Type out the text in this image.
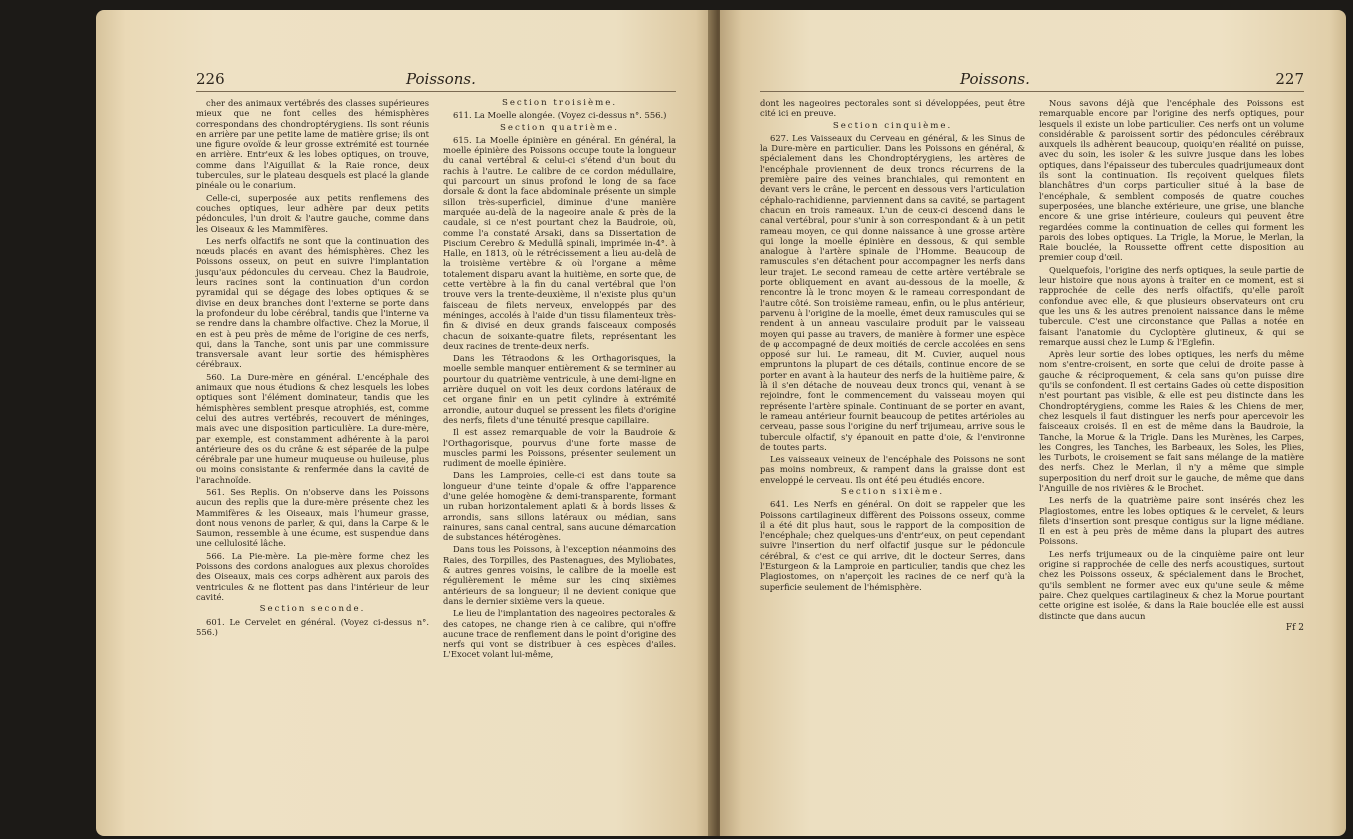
226	Poissons.

cher des animaux vertébrés des classes supérieures mieux que ne font celles des hémisphères correspondans des chondroptérygiens. Ils sont réunis en arrière par une petite lame de matière grise; ils ont une figure ovoïde & leur grosse extrémité est tournée en arrière. Entr'eux & les lobes optiques, on trouve, comme dans l'Aiguillat & la Raie ronce, deux tubercules, sur le plateau desquels est placé la glande pinéale ou le conarium.

Celle-ci, superposée aux petits renflemens des couches optiques, leur adhère par deux petits pédoncules, l'un droit & l'autre gauche, comme dans les Oiseaux & les Mammifères.

Les nerfs olfactifs ne sont que la continuation des nœuds placés en avant des hémisphères. Chez les Poissons osseux, on peut en suivre l'implantation jusqu'aux pédoncules du cerveau. Chez la Baudroie, leurs racines sont la continuation d'un cordon pyramidal qui se dégage des lobes optiques & se divise en deux branches dont l'externe se porte dans la profondeur du lobe cérébral, tandis que l'interne va se rendre dans la chambre olfactive. Chez la Morue, il en est à peu près de même de l'origine de ces nerfs, qui, dans la Tanche, sont unis par une commissure transversale avant leur sortie des hémisphères cérébraux.

560. La Dure-mère en général. L'encéphale des animaux que nous étudions & chez lesquels les lobes optiques sont l'élément dominateur, tandis que les hémisphères semblent presque atrophiés, est, comme celui des autres vertébrés, recouvert de méninges, mais avec une disposition particulière. La dure-mère, par exemple, est constamment adhérente à la paroi antérieure des os du crâne & est séparée de la pulpe cérébrale par une humeur muqueuse ou huileuse, plus ou moins consistante & renfermée dans la cavité de l'arachnoïde.

561. Ses Replis. On n'observe dans les Poissons aucun des replis que la dure-mère présente chez les Mammifères & les Oiseaux, mais l'humeur grasse, dont nous venons de parler, & qui, dans la Carpe & le Saumon, ressemble à une écume, est suspendue dans une cellulosité lâche.

566. La Pie-mère. La pie-mère forme chez les Poissons des cordons analogues aux plexus choroïdes des Oiseaux, mais ces corps adhèrent aux parois des ventricules & ne flottent pas dans l'intérieur de leur cavité.

Section seconde.

601. Le Cervelet en général. (Voyez ci-dessus n°. 556.)

Section troisième.

611. La Moelle alongée. (Voyez ci-dessus n°. 556.)

Section quatrième.

615. La Moelle épinière en général. En général, la moelle épinière des Poissons occupe toute la longueur du canal vertébral & celui-ci s'étend d'un bout du rachis à l'autre. Le calibre de ce cordon médullaire, qui parcourt un sinus profond le long de sa face dorsale & dont la face abdominale présente un simple sillon très-superficiel, diminue d'une manière marquée au-delà de la nageoire anale & près de la caudale, si ce n'est pourtant chez la Baudroie, où, comme l'a constaté Arsaki, dans sa Dissertation de Piscium Cerebro & Medullâ spinali, imprimée in-4°. à Halle, en 1813, où le rétrécissement a lieu au-delà de la troisième vertèbre & où l'organe a même totalement disparu avant la huitième, en sorte que, de cette vertèbre à la fin du canal vertébral que l'on trouve vers la trente-deuxième, il n'existe plus qu'un faisceau de filets nerveux, enveloppés par des méninges, accolés à l'aide d'un tissu filamenteux très-fin & divisé en deux grands faisceaux composés chacun de soixante-quatre filets, représentant les deux racines de trente-deux nerfs.

Dans les Tétraodons & les Orthagorisques, la moelle semble manquer entièrement & se terminer au pourtour du quatrième ventricule, à une demi-ligne en arrière duquel on voit les deux cordons latéraux de cet organe finir en un petit cylindre à extrémité arrondie, autour duquel se pressent les filets d'origine des nerfs, filets d'une ténuité presque capillaire.

Il est assez remarquable de voir la Baudroie & l'Orthagorisque, pourvus d'une forte masse de muscles parmi les Poissons, présenter seulement un rudiment de moelle épinière.

Dans les Lamproies, celle-ci est dans toute sa longueur d'une teinte d'opale & offre l'apparence d'une gelée homogène & demi-transparente, formant un ruban horizontalement aplati & à bords lisses & arrondis, sans sillons latéraux ou médian, sans rainures, sans canal central, sans aucune démarcation de substances hétérogènes.

Dans tous les Poissons, à l'exception néanmoins des Raies, des Torpilles, des Pastenagues, des Myliobates, & autres genres voisins, le calibre de la moelle est régulièrement le même sur les cinq sixièmes antérieurs de sa longueur; il ne devient conique que dans le dernier sixième vers la queue.

Le lieu de l'implantation des nageoires pectorales & des catopes, ne change rien à ce calibre, qui n'offre aucune trace de renflement dans le point d'origine des nerfs qui vont se distribuer à ces espèces d'ailes. L'Exocet volant lui-même,

Poissons.	227

dont les nageoires pectorales sont si développées, peut être cité ici en preuve.

Section cinquième.

627. Les Vaisseaux du Cerveau en général, & les Sinus de la Dure-mère en particulier. Dans les Poissons en général, & spécialement dans les Chondroptérygiens, les artères de l'encéphale proviennent de deux troncs récurrens de la première paire des veines branchiales, qui remontent en devant vers le crâne, le percent en dessous vers l'articulation céphalo-rachidienne, parviennent dans sa cavité, se partagent chacun en trois rameaux. L'un de ceux-ci descend dans le canal vertébral, pour s'unir à son correspondant & à un petit rameau moyen, ce qui donne naissance à une grosse artère qui longe la moelle épinière en dessous, & qui semble analogue à l'artère spinale de l'Homme. Beaucoup de ramuscules s'en détachent pour accompagner les nerfs dans leur trajet. Le second rameau de cette artère vertébrale se porte obliquement en avant au-dessous de la moelle, & rencontre là le tronc moyen & le rameau correspondant de l'autre côté. Son troisième rameau, enfin, ou le plus antérieur, parvenu à l'origine de la moelle, émet deux ramuscules qui se rendent à un anneau vasculaire produit par le vaisseau moyen qui passe au travers, de manière à former une espèce de φ accompagné de deux moitiés de cercle accolées en sens opposé sur lui. Le rameau, dit M. Cuvier, auquel nous empruntons la plupart de ces détails, continue encore de se porter en avant à la hauteur des nerfs de la huitième paire, & là il s'en détache de nouveau deux troncs qui, venant à se rejoindre, font le commencement du vaisseau moyen qui représente l'artère spinale. Continuant de se porter en avant, le rameau antérieur fournit beaucoup de petites artérioles au cerveau, passe sous l'origine du nerf trijumeau, arrive sous le tubercule olfactif, s'y épanouit en patte d'oie, & l'environne de toutes parts.

Les vaisseaux veineux de l'encéphale des Poissons ne sont pas moins nombreux, & rampent dans la graisse dont est enveloppé le cerveau. Ils ont été peu étudiés encore.

Section sixième.

641. Les Nerfs en général. On doit se rappeler que les Poissons cartilagineux diffèrent des Poissons osseux, comme il a été dit plus haut, sous le rapport de la composition de l'encéphale; chez quelques-uns d'entr'eux, on peut cependant suivre l'insertion du nerf olfactif jusque sur le pédoncule cérébral, & c'est ce qui arrive, dit le docteur Serres, dans l'Esturgeon & la Lamproie en particulier, tandis que chez les Plagiostomes, on n'aperçoit les racines de ce nerf qu'à la superficie seulement de l'hémisphère.

Nous savons déjà que l'encéphale des Poissons est remarquable encore par l'origine des nerfs optiques, pour lesquels il existe un lobe particulier. Ces nerfs ont un volume considérable & paroissent sortir des pédoncules cérébraux auxquels ils adhèrent beaucoup, quoiqu'en réalité on puisse, avec du soin, les isoler & les suivre jusque dans les lobes optiques, dans l'épaisseur des tubercules quadrijumeaux dont ils sont la continuation. Ils reçoivent quelques filets blanchâtres d'un corps particulier situé à la base de l'encéphale, & semblent composés de quatre couches superposées, une blanche extérieure, une grise, une blanche encore & une grise intérieure, couleurs qui peuvent être regardées comme la continuation de celles qui forment les parois des lobes optiques. La Trigle, la Morue, le Merlan, la Raie bouclée, la Roussette offrent cette disposition au premier coup d'œil.

Quelquefois, l'origine des nerfs optiques, la seule partie de leur histoire que nous ayons à traiter en ce moment, est si rapprochée de celle des nerfs olfactifs, qu'elle paroît confondue avec elle, & que plusieurs observateurs ont cru que les uns & les autres prenoient naissance dans le même tubercule. C'est une circonstance que Pallas a notée en faisant l'anatomie du Cycloptère glutineux, & qui se remarque aussi chez le Lump & l'Eglefin.

Après leur sortie des lobes optiques, les nerfs du même nom s'entre-croisent, en sorte que celui de droite passe à gauche & réciproquement, & cela sans qu'on puisse dire qu'ils se confondent. Il est certains Gades où cette disposition n'est pourtant pas visible, & elle est peu distincte dans les Chondroptérygiens, comme les Raies & les Chiens de mer, chez lesquels il faut distinguer les nerfs pour apercevoir les faisceaux croisés. Il en est de même dans la Baudroie, la Tanche, la Morue & la Trigle. Dans les Murènes, les Carpes, les Congres, les Tanches, les Barbeaux, les Soles, les Plies, les Turbots, le croisement se fait sans mélange de la matière des nerfs. Chez le Merlan, il n'y a même que simple superposition du nerf droit sur le gauche, de même que dans l'Anguille de nos rivières & le Brochet.

Les nerfs de la quatrième paire sont insérés chez les Plagiostomes, entre les lobes optiques & le cervelet, & leurs filets d'insertion sont presque contigus sur la ligne médiane. Il en est à peu près de même dans la plupart des autres Poissons.

Les nerfs trijumeaux ou de la cinquième paire ont leur origine si rapprochée de celle des nerfs acoustiques, surtout chez les Poissons osseux, & spécialement dans le Brochet, qu'ils semblent ne former avec eux qu'une seule & même paire. Chez quelques cartilagineux & chez la Morue pourtant cette origine est isolée, & dans la Raie bouclée elle est aussi distincte que dans aucun

Ff 2
